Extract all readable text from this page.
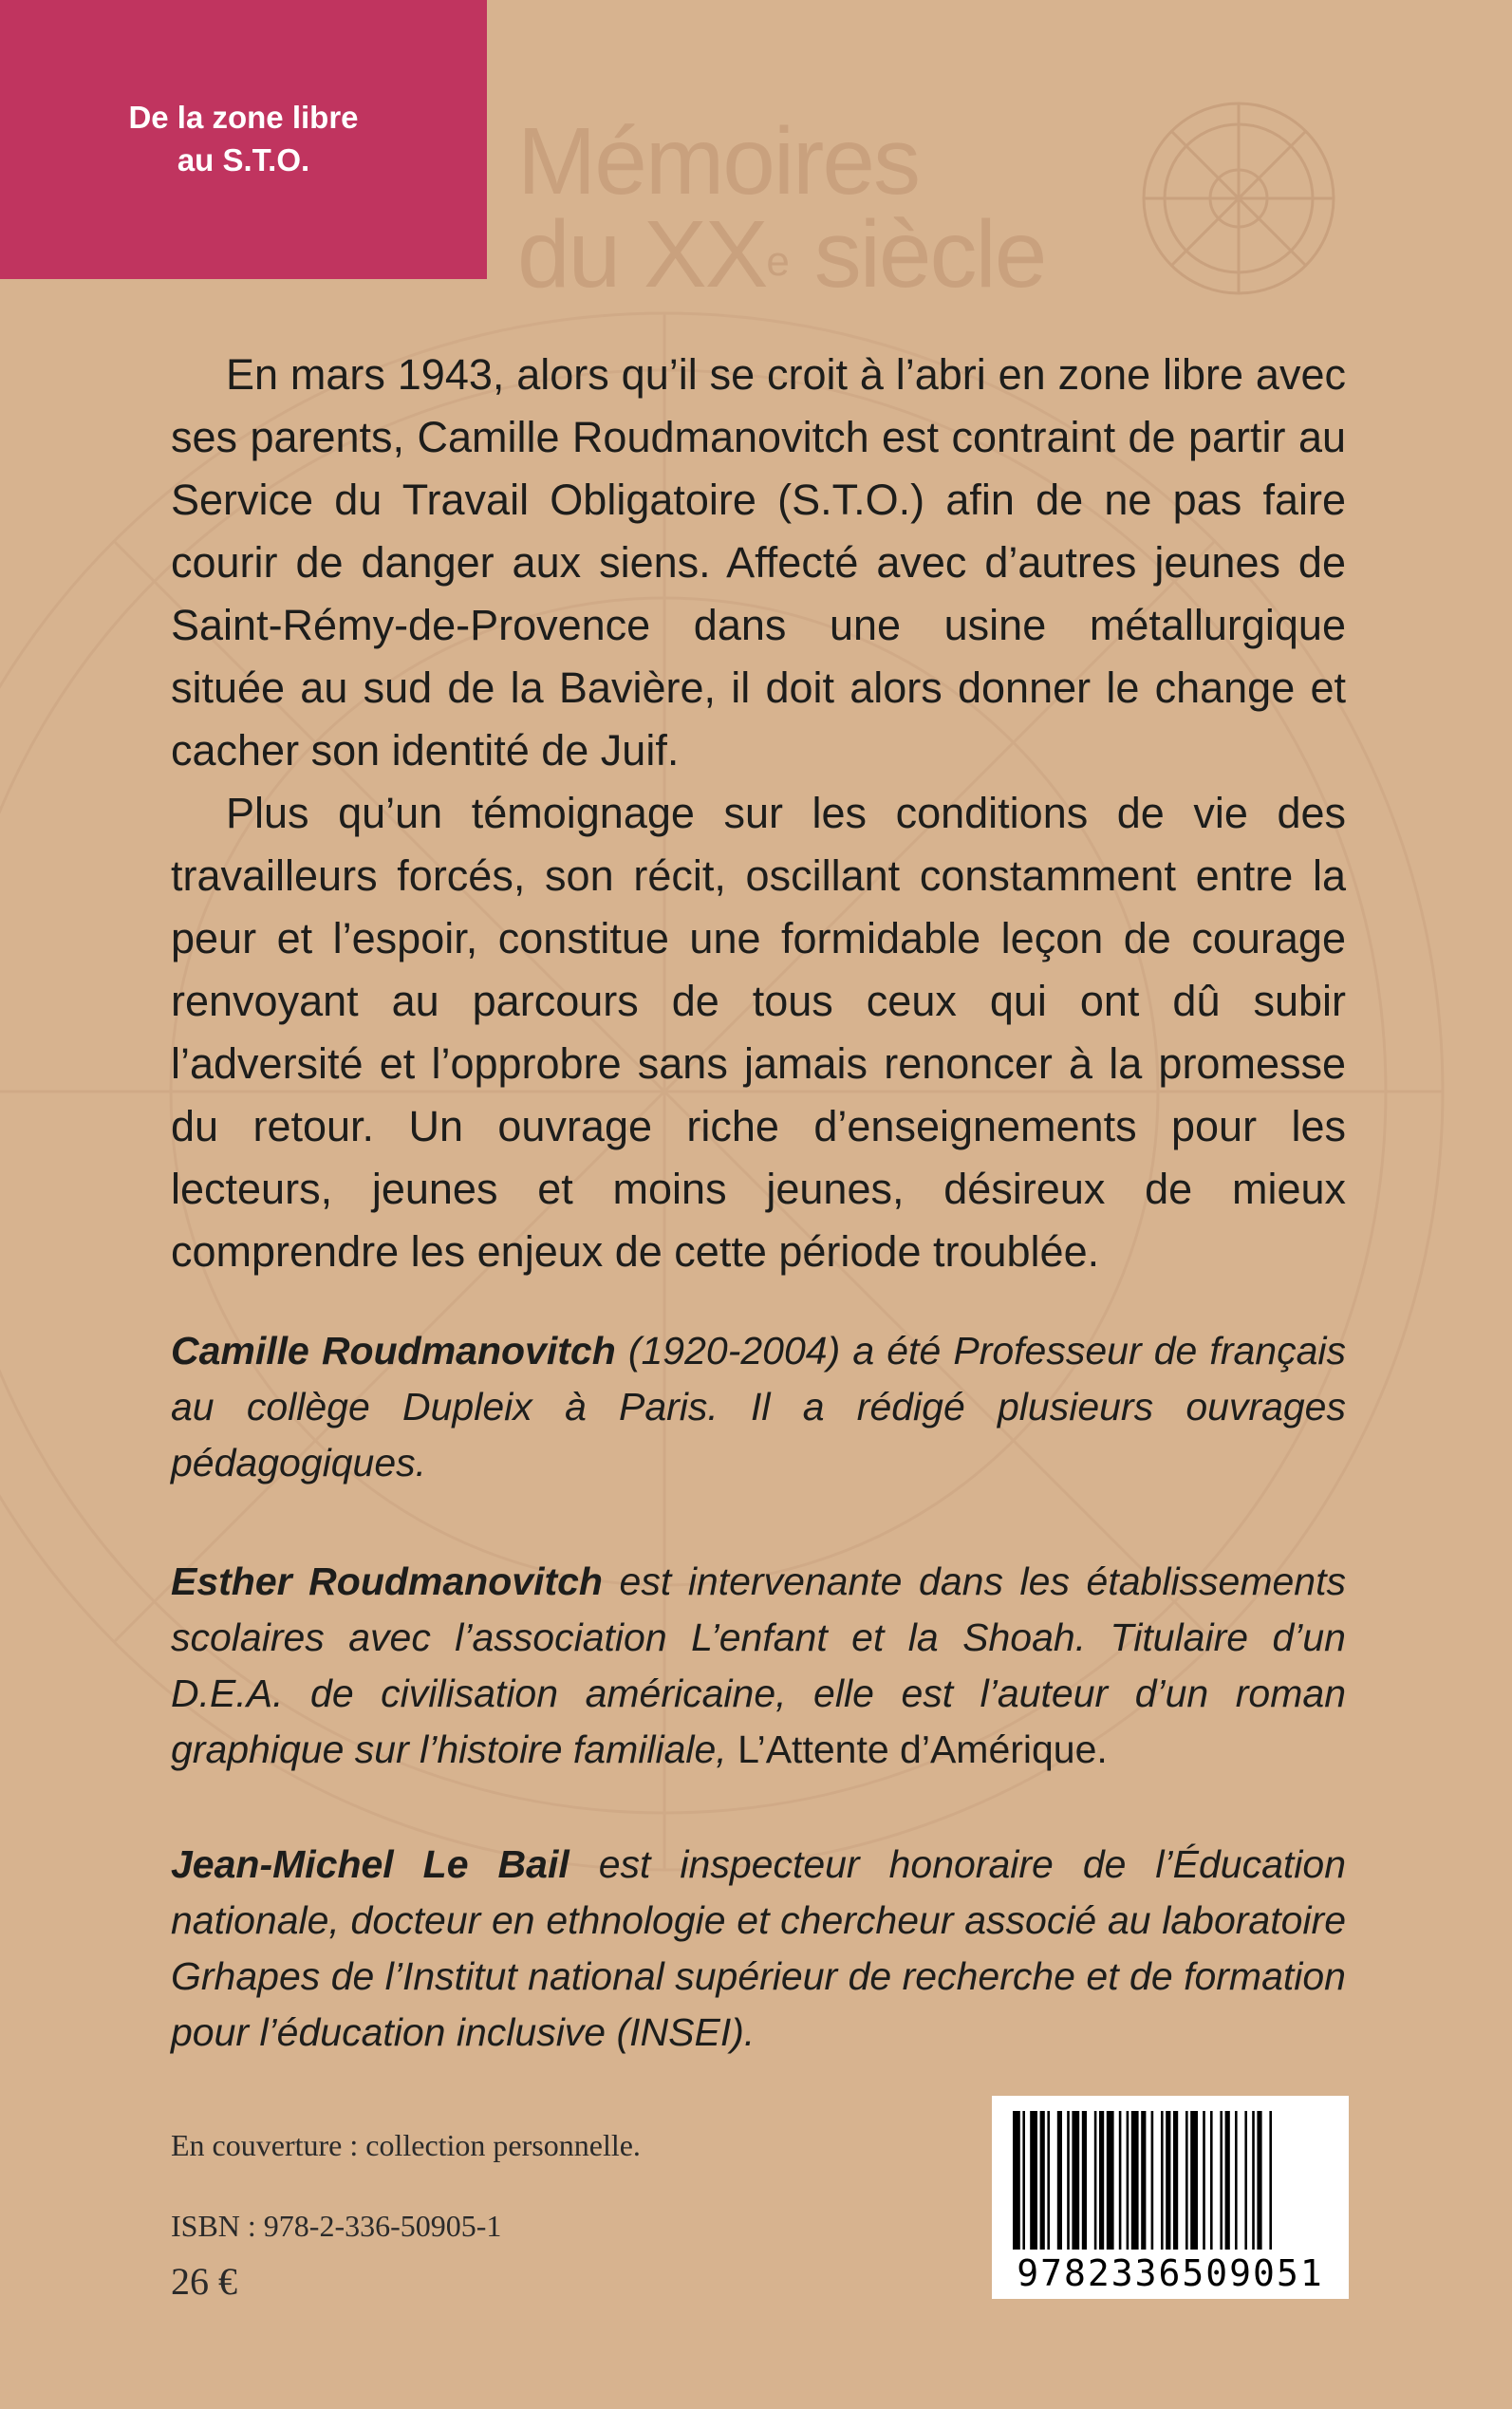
De la zone libre
au S.T.O.	Mémoires
du XXe siècle

En mars 1943, alors qu’il se croit à l’abri en zone libre avec ses parents, Camille Roudmanovitch est contraint de partir au Service du Travail Obligatoire (S.T.O.) afin de ne pas faire courir de danger aux siens. Affecté avec d’autres jeunes de Saint-Rémy-de-Provence dans une usine métallurgique située au sud de la Bavière, il doit alors donner le change et cacher son identité de Juif.

Plus qu’un témoignage sur les conditions de vie des travailleurs forcés, son récit, oscillant constamment entre la peur et l’espoir, constitue une formidable leçon de courage renvoyant au parcours de tous ceux qui ont dû subir l’adversité et l’opprobre sans jamais renoncer à la promesse du retour. Un ouvrage riche d’enseignements pour les lecteurs, jeunes et moins jeunes, désireux de mieux comprendre les enjeux de cette période troublée.

Camille Roudmanovitch (1920-2004) a été Professeur de français au collège Dupleix à Paris. Il a rédigé plusieurs ouvrages pédagogiques.
Esther Roudmanovitch est intervenante dans les établissements scolaires avec l’association L’enfant et la Shoah. Titulaire d’un D.E.A. de civilisation américaine, elle est l’auteur d’un roman graphique sur l’histoire familiale, L’Attente d’Amérique.
Jean-Michel Le Bail est inspecteur honoraire de l’Éducation nationale, docteur en ethnologie et chercheur associé au laboratoire Grhapes de l’Institut national supérieur de recherche et de formation pour l’éducation inclusive (INSEI).
En couverture : collection personnelle.
ISBN : 978-2-336-50905-1
26 €	9782336509051
